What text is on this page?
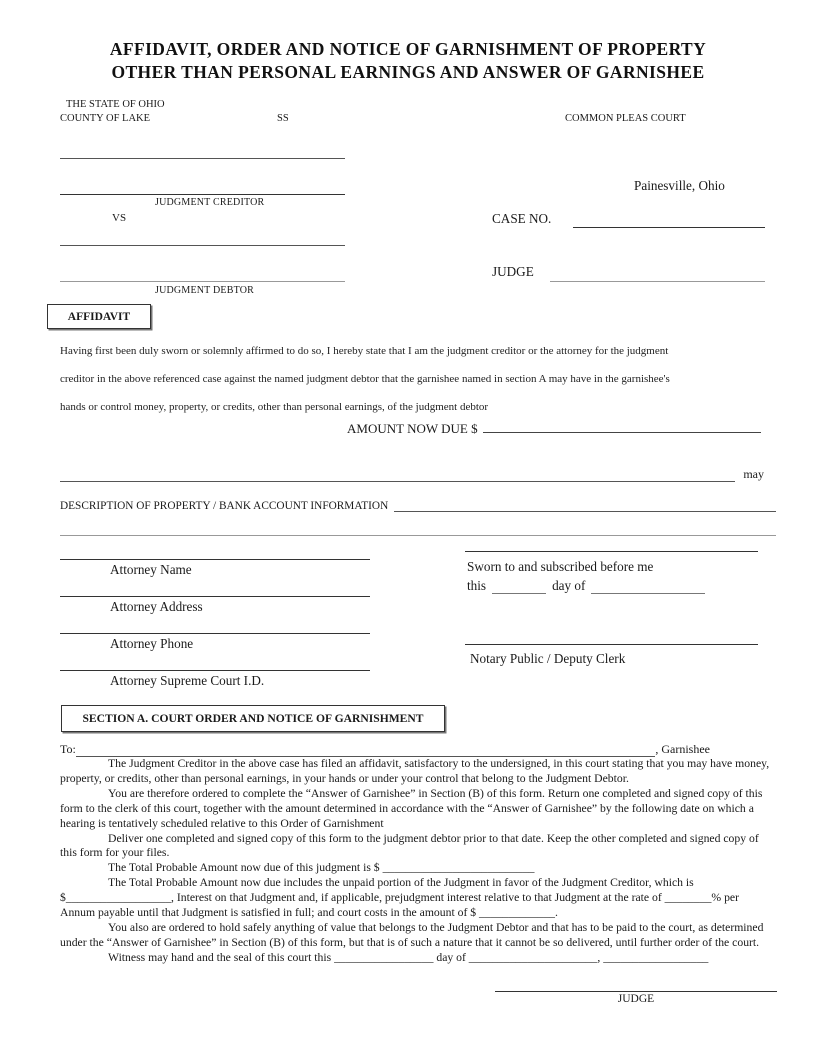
AFFIDAVIT, ORDER AND NOTICE OF GARNISHMENT OF PROPERTY
OTHER THAN PERSONAL EARNINGS AND ANSWER OF GARNISHEE
THE STATE OF OHIO
COUNTY OF LAKE	SS	COMMON PLEAS COURT
JUDGMENT CREDITOR
VS
JUDGMENT DEBTOR
Painesville, Ohio
CASE NO.
JUDGE
AFFIDAVIT
Having first been duly sworn or solemnly affirmed to do so, I hereby state that I am the judgment creditor or the attorney for the judgment
creditor in the above referenced case against the named judgment debtor that the garnishee named in section A may have in the garnishee's
hands or control money, property, or credits, other than personal earnings, of the judgment debtor
AMOUNT NOW DUE $
may
DESCRIPTION OF PROPERTY / BANK ACCOUNT INFORMATION
Attorney Name
Attorney Address
Attorney Phone
Attorney Supreme Court I.D.
Sworn to and subscribed before me
this	day of
Notary Public / Deputy Clerk
SECTION A. COURT ORDER AND NOTICE OF GARNISHMENT
To:	, Garnishee

The Judgment Creditor in the above case has filed an affidavit, satisfactory to the undersigned, in this court stating that you may have money, property, or credits, other than personal earnings, in your hands or under your control that belong to the Judgment Debtor.

You are therefore ordered to complete the “Answer of Garnishee” in Section (B) of this form. Return one completed and signed copy of this form to the clerk of this court, together with the amount determined in accordance with the “Answer of Garnishee” by the following date on which a hearing is tentatively scheduled relative to this Order of Garnishment

Deliver one completed and signed copy of this form to the judgment debtor prior to that date. Keep the other completed and signed copy of this form for your files.

The Total Probable Amount now due of this judgment is $ __________________________

The Total Probable Amount now due includes the unpaid portion of the Judgment in favor of the Judgment Creditor, which is $__________________, Interest on that Judgment and, if applicable, prejudgment interest relative to that Judgment at the rate of ________% per Annum payable until that Judgment is satisfied in full; and court costs in the amount of $ _____________.

You also are ordered to hold safely anything of value that belongs to the Judgment Debtor and that has to be paid to the court, as determined under the “Answer of Garnishee” in Section (B) of this form, but that is of such a nature that it cannot be so delivered, until further order of the court.

Witness may hand and the seal of this court this _________________ day of ______________________, __________________

JUDGE
